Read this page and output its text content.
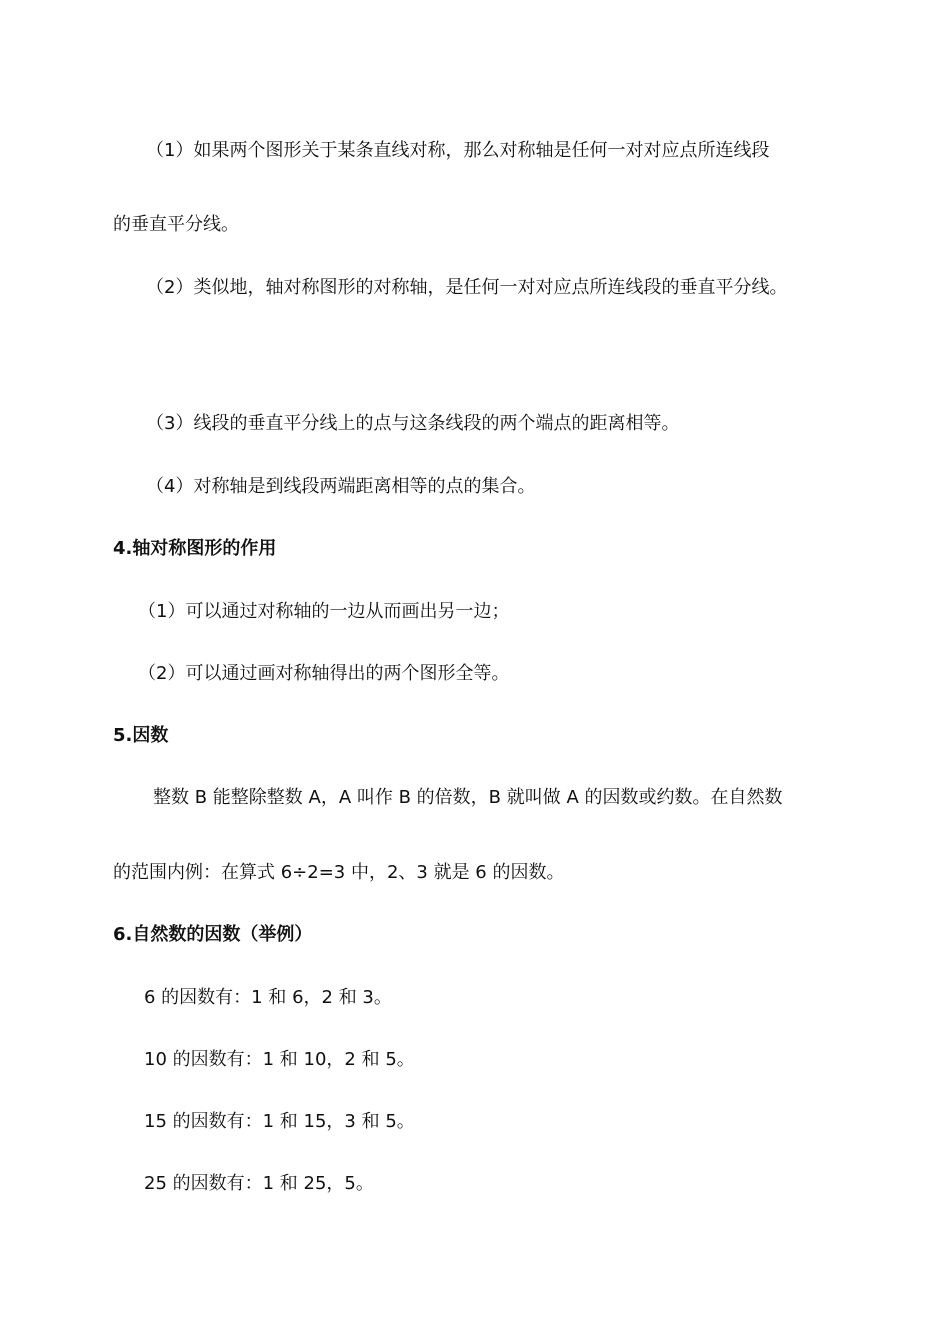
（1）如果两个图形关于某条直线对称，那么对称轴是任何一对对应点所连线段
的垂直平分线。
（2）类似地，轴对称图形的对称轴，是任何一对对应点所连线段的垂直平分线。
（3）线段的垂直平分线上的点与这条线段的两个端点的距离相等。
（4）对称轴是到线段两端距离相等的点的集合。
4.轴对称图形的作用
（1）可以通过对称轴的一边从而画出另一边；
（2）可以通过画对称轴得出的两个图形全等。
5.因数
整数 B 能整除整数 A，A 叫作 B 的倍数，B 就叫做 A 的因数或约数。在自然数
的范围内例：在算式 6÷2=3 中，2、3 就是 6 的因数。
6.自然数的因数（举例）
6 的因数有：1 和 6，2 和 3。
10 的因数有：1 和 10，2 和 5。
15 的因数有：1 和 15，3 和 5。
25 的因数有：1 和 25，5。
